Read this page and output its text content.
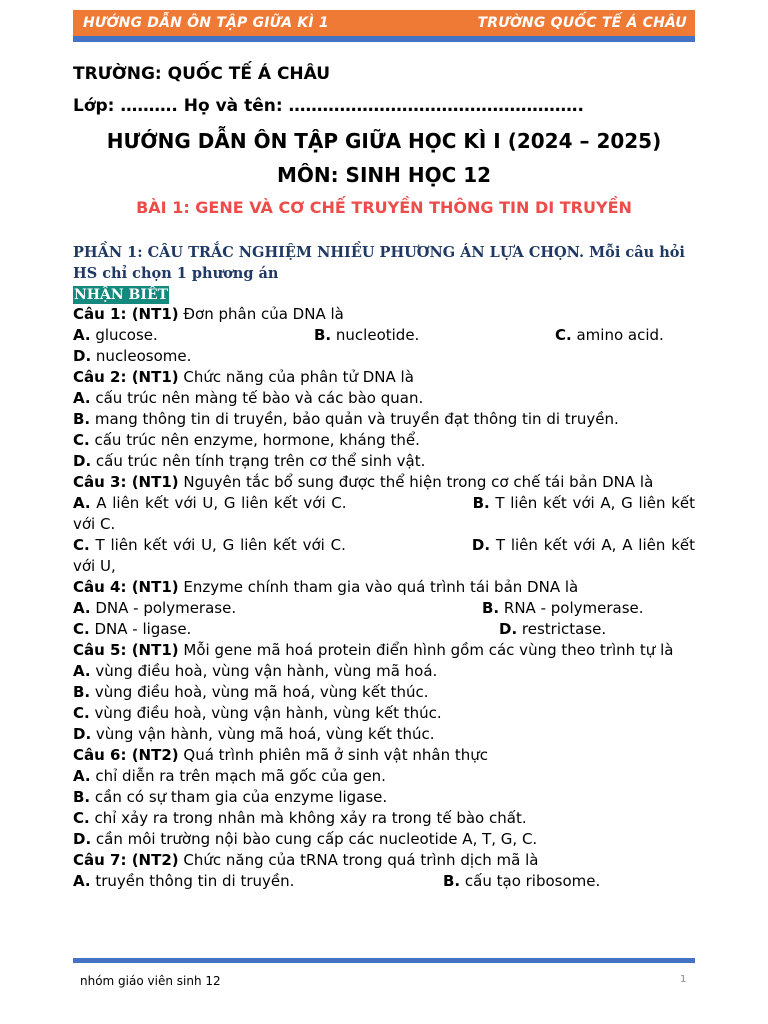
HƯỚNG DẪN ÔN TẬP GIỮA KÌ 1	TRƯỜNG QUỐC TẾ Á CHÂU
TRƯỜNG: QUỐC TẾ Á CHÂU
Lớp: ………. Họ và tên: …………………………………………….
HƯỚNG DẪN ÔN TẬP GIỮA HỌC KÌ I (2024 – 2025)
MÔN: SINH HỌC 12
BÀI 1: GENE VÀ CƠ CHẾ TRUYỀN THÔNG TIN DI TRUYỀN
PHẦN 1: CÂU TRẮC NGHIỆM NHIỀU PHƯƠNG ÁN LỰA CHỌN. Mỗi câu hỏi HS chỉ chọn 1 phương án
NHẬN BIẾT
Câu 1: (NT1) Đơn phân của DNA là
A. glucose.	B. nucleotide.	C. amino acid.
D. nucleosome.
Câu 2: (NT1) Chức năng của phân tử DNA là
A. cấu trúc nên màng tế bào và các bào quan.
B. mang thông tin di truyền, bảo quản và truyền đạt thông tin di truyền.
C. cấu trúc nên enzyme, hormone, kháng thể.
D. cấu trúc nên tính trạng trên cơ thể sinh vật.
Câu 3: (NT1) Nguyên tắc bổ sung được thể hiện trong cơ chế tái bản DNA là
A. A liên kết với U, G liên kết với C.	B. T liên kết với A, G liên kết với C.
C. T liên kết với U, G liên kết với C.	D. T liên kết với A, A liên kết với U,
Câu 4: (NT1) Enzyme chính tham gia vào quá trình tái bản DNA là
A. DNA - polymerase.	B. RNA - polymerase.
C. DNA - ligase.	D. restrictase.
Câu 5: (NT1) Mỗi gene mã hoá protein điển hình gồm các vùng theo trình tự là
A. vùng điều hoà, vùng vận hành, vùng mã hoá.
B. vùng điều hoà, vùng mã hoá, vùng kết thúc.
C. vùng điều hoà, vùng vận hành, vùng kết thúc.
D. vùng vận hành, vùng mã hoá, vùng kết thúc.
Câu 6: (NT2) Quá trình phiên mã ở sinh vật nhân thực
A. chỉ diễn ra trên mạch mã gốc của gen.
B. cần có sự tham gia của enzyme ligase.
C. chỉ xảy ra trong nhân mà không xảy ra trong tế bào chất.
D. cần môi trường nội bào cung cấp các nucleotide A, T, G, C.
Câu 7: (NT2) Chức năng của tRNA trong quá trình dịch mã là
A. truyền thông tin di truyền.	B. cấu tạo ribosome.
nhóm giáo viên sinh 12	1
